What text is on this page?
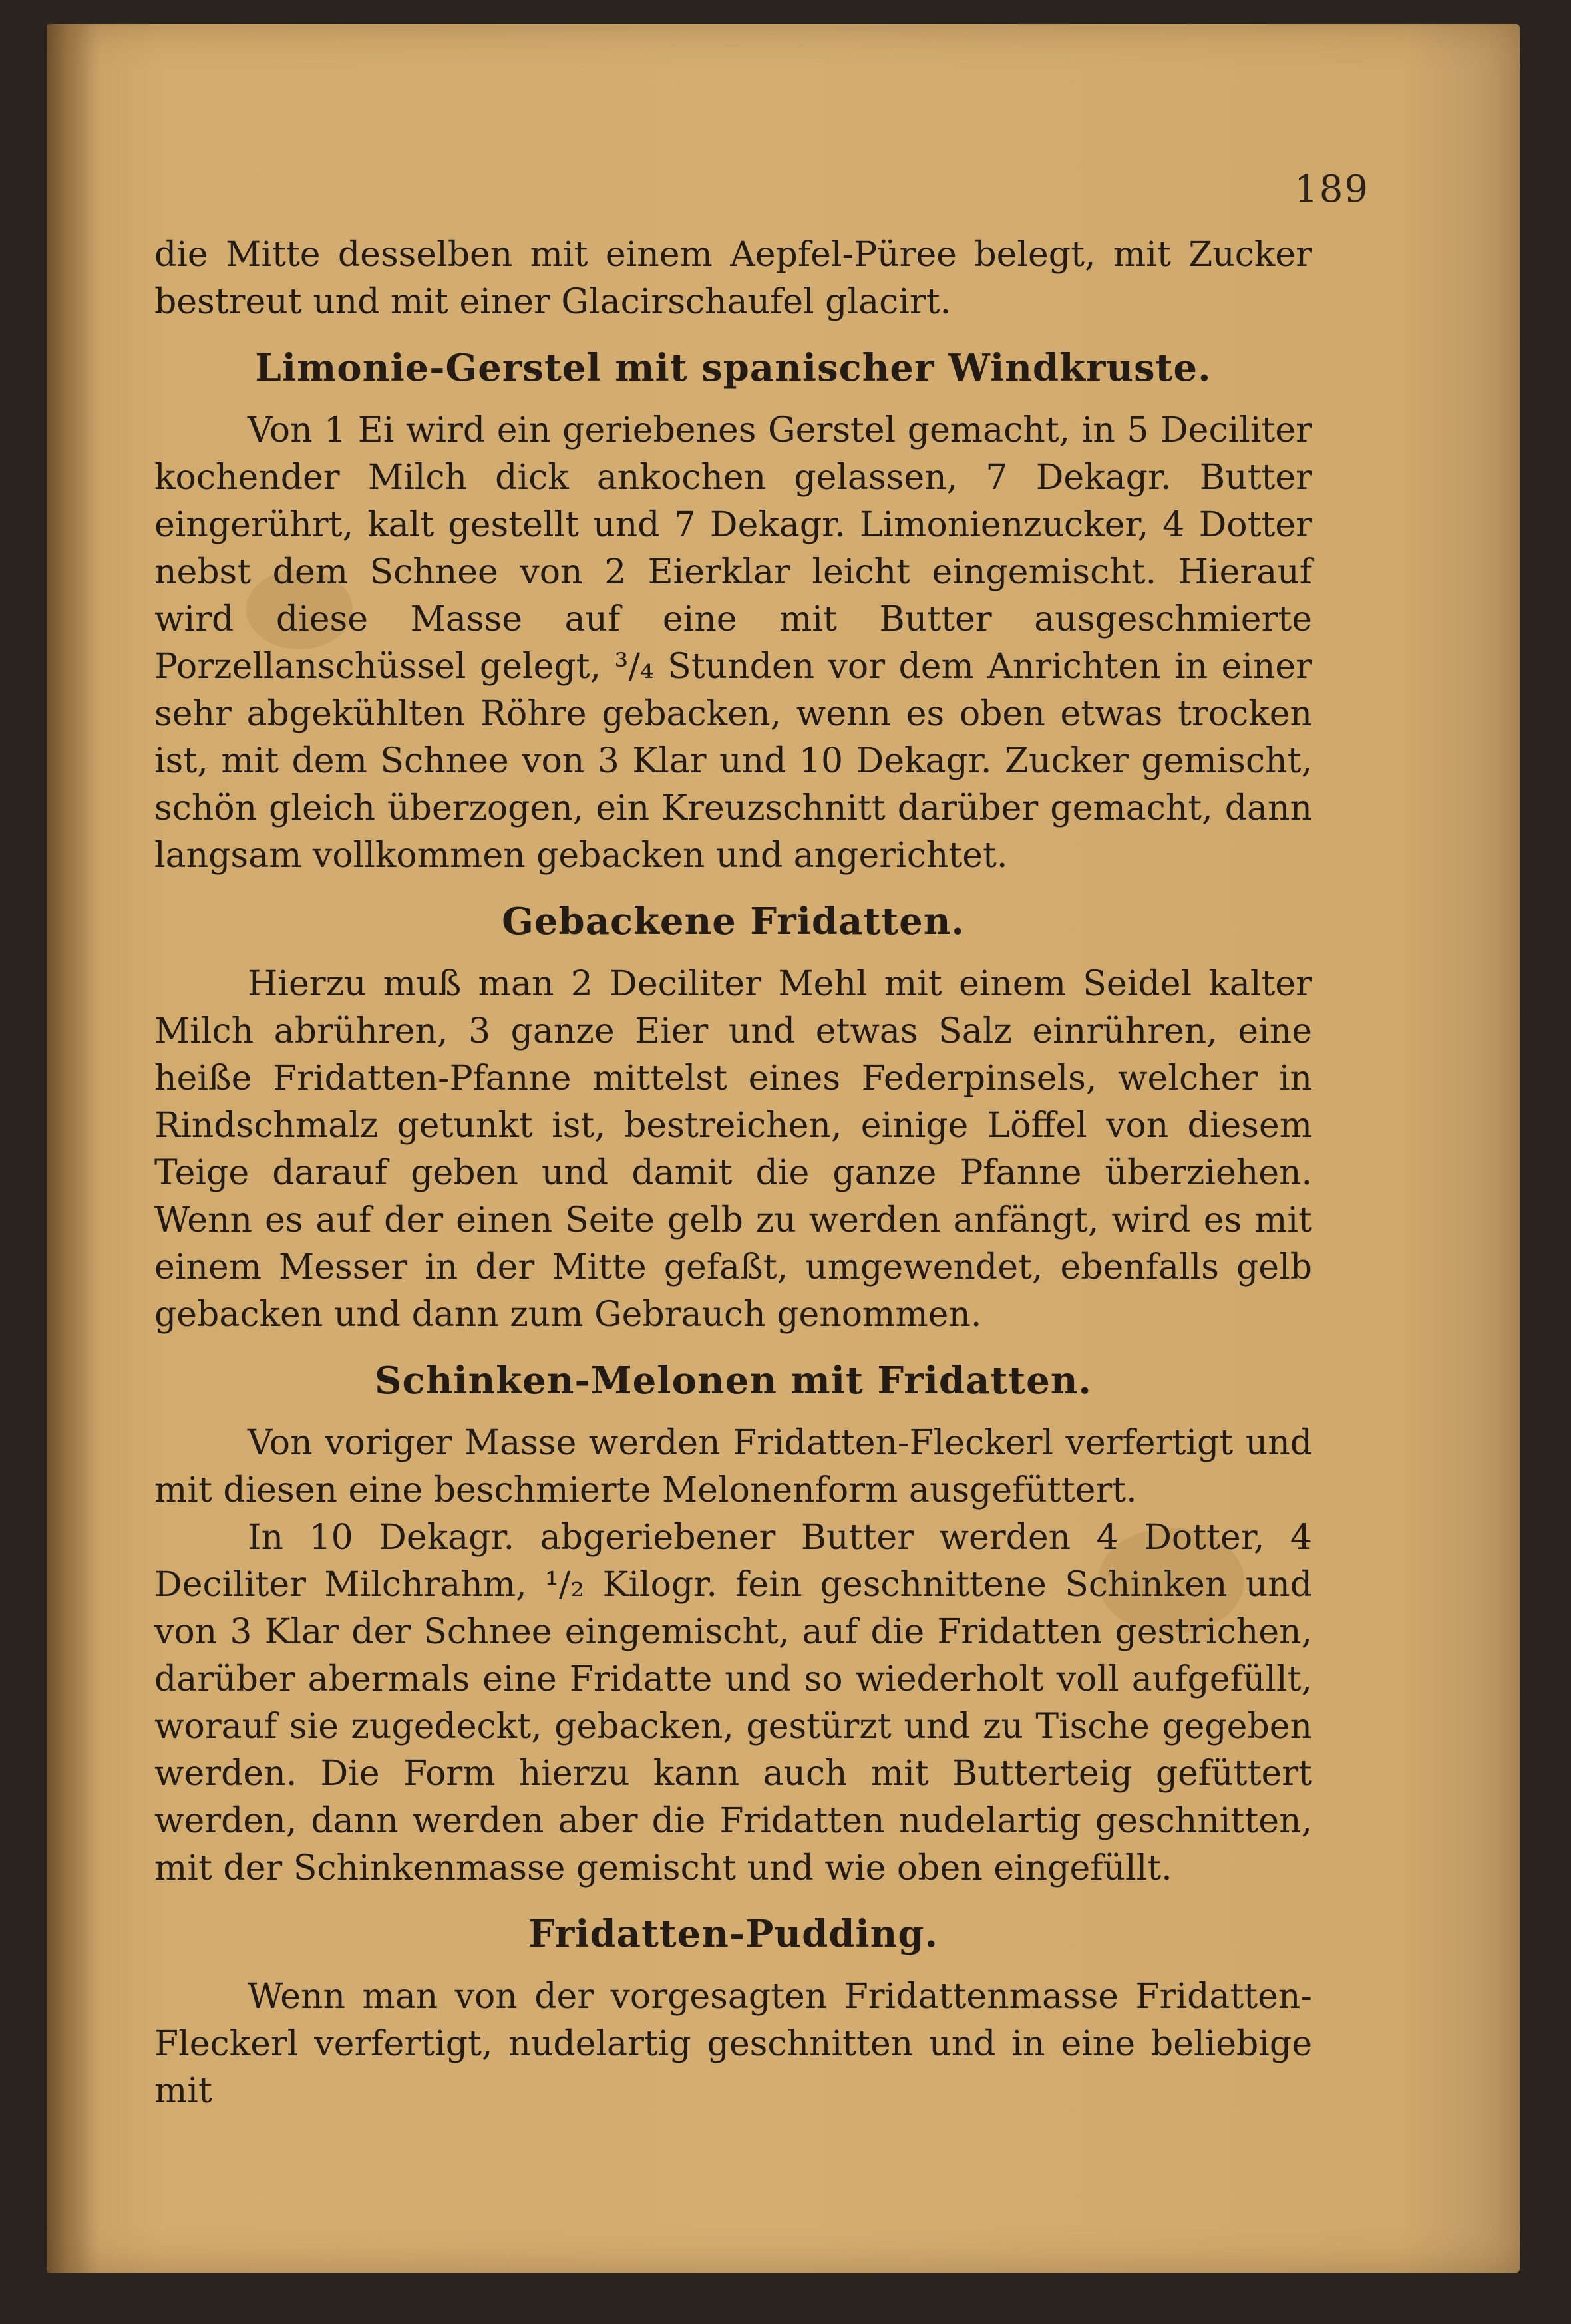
189

die Mitte desselben mit einem Aepfel-Püree belegt, mit Zucker bestreut und mit einer Glacirschaufel glacirt.

Limonie-Gerstel mit spanischer Windkruste.

Von 1 Ei wird ein geriebenes Gerstel gemacht, in 5 Deciliter kochender Milch dick ankochen gelassen, 7 Dekagr. Butter eingerührt, kalt gestellt und 7 Dekagr. Limonienzucker, 4 Dotter nebst dem Schnee von 2 Eierklar leicht eingemischt. Hierauf wird diese Masse auf eine mit Butter ausgeschmierte Porzellanschüssel gelegt, ³/₄ Stunden vor dem Anrichten in einer sehr abgekühlten Röhre gebacken, wenn es oben etwas trocken ist, mit dem Schnee von 3 Klar und 10 Dekagr. Zucker gemischt, schön gleich überzogen, ein Kreuzschnitt darüber gemacht, dann langsam vollkommen gebacken und angerichtet.

Gebackene Fridatten.

Hierzu muß man 2 Deciliter Mehl mit einem Seidel kalter Milch abrühren, 3 ganze Eier und etwas Salz einrühren, eine heiße Fridatten-Pfanne mittelst eines Federpinsels, welcher in Rindschmalz getunkt ist, bestreichen, einige Löffel von diesem Teige darauf geben und damit die ganze Pfanne überziehen. Wenn es auf der einen Seite gelb zu werden anfängt, wird es mit einem Messer in der Mitte gefaßt, umgewendet, ebenfalls gelb gebacken und dann zum Gebrauch genommen.

Schinken-Melonen mit Fridatten.

Von voriger Masse werden Fridatten-Fleckerl verfertigt und mit diesen eine beschmierte Melonenform ausgefüttert.

In 10 Dekagr. abgeriebener Butter werden 4 Dotter, 4 Deciliter Milchrahm, ¹/₂ Kilogr. fein geschnittene Schinken und von 3 Klar der Schnee eingemischt, auf die Fridatten gestrichen, darüber abermals eine Fridatte und so wiederholt voll aufgefüllt, worauf sie zugedeckt, gebacken, gestürzt und zu Tische gegeben werden. Die Form hierzu kann auch mit Butterteig gefüttert werden, dann werden aber die Fridatten nudelartig geschnitten, mit der Schinkenmasse gemischt und wie oben eingefüllt.

Fridatten-Pudding.

Wenn man von der vorgesagten Fridattenmasse Fridatten-Fleckerl verfertigt, nudelartig geschnitten und in eine beliebige mit
